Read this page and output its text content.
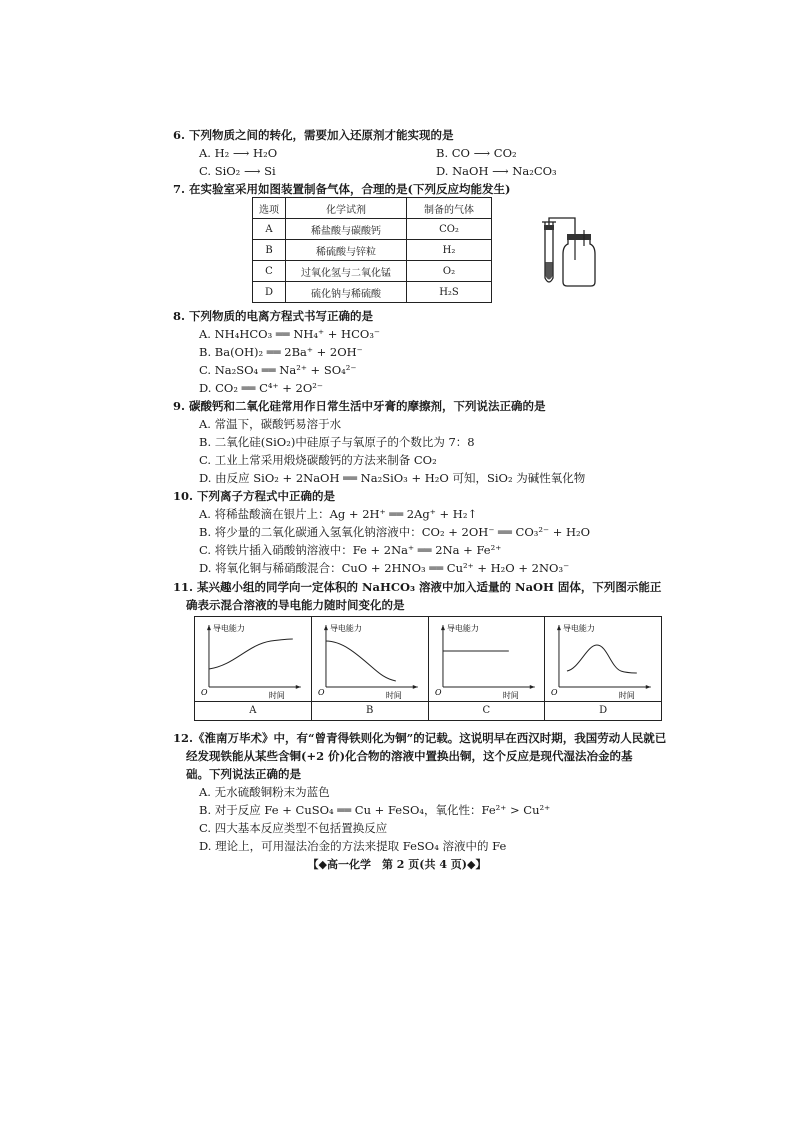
6. 下列物质之间的转化，需要加入还原剂才能实现的是
A. H₂ ⟶ H₂O	B. CO ⟶ CO₂
C. SiO₂ ⟶ Si	D. NaOH ⟶ Na₂CO₃
7. 在实验室采用如图装置制备气体，合理的是(下列反应均能发生)
选项	化学试剂	制备的气体
A	稀盐酸与碳酸钙	CO₂
B	稀硫酸与锌粒	H₂
C	过氧化氢与二氧化锰	O₂
D	硫化钠与稀硫酸	H₂S
8. 下列物质的电离方程式书写正确的是
A. NH₄HCO₃ ══ NH₄⁺ + HCO₃⁻
B. Ba(OH)₂ ══ 2Ba⁺ + 2OH⁻
C. Na₂SO₄ ══ Na²⁺ + SO₄²⁻
D. CO₂ ══ C⁴⁺ + 2O²⁻
9. 碳酸钙和二氧化硅常用作日常生活中牙膏的摩擦剂，下列说法正确的是
A. 常温下，碳酸钙易溶于水
B. 二氧化硅(SiO₂)中硅原子与氧原子的个数比为 7：8
C. 工业上常采用煅烧碳酸钙的方法来制备 CO₂
D. 由反应 SiO₂ + 2NaOH ══ Na₂SiO₃ + H₂O 可知，SiO₂ 为碱性氧化物
10. 下列离子方程式中正确的是
A. 将稀盐酸滴在银片上：Ag + 2H⁺ ══ 2Ag⁺ + H₂↑
B. 将少量的二氧化碳通入氢氧化钠溶液中：CO₂ + 2OH⁻ ══ CO₃²⁻ + H₂O
C. 将铁片插入硝酸钠溶液中：Fe + 2Na⁺ ══ 2Na + Fe²⁺
D. 将氧化铜与稀硝酸混合：CuO + 2HNO₃ ══ Cu²⁺ + H₂O + 2NO₃⁻
11. 某兴趣小组的同学向一定体积的 NaHCO₃ 溶液中加入适量的 NaOH 固体，下列图示能正
确表示混合溶液的导电能力随时间变化的是
导电能力
时间
O
A
导电能力
时间
O
B
导电能力
时间
O
C
导电能力
时间
O
D
12.《淮南万毕术》中，有“曾青得铁则化为铜”的记载。这说明早在西汉时期，我国劳动人民就已
经发现铁能从某些含铜(+2 价)化合物的溶液中置换出铜，这个反应是现代湿法冶金的基
础。下列说法正确的是
A. 无水硫酸铜粉末为蓝色
B. 对于反应 Fe + CuSO₄ ══ Cu + FeSO₄，氧化性：Fe²⁺ > Cu²⁺
C. 四大基本反应类型不包括置换反应
D. 理论上，可用湿法冶金的方法来提取 FeSO₄ 溶液中的 Fe
【◆高一化学　第 2 页(共 4 页)◆】
